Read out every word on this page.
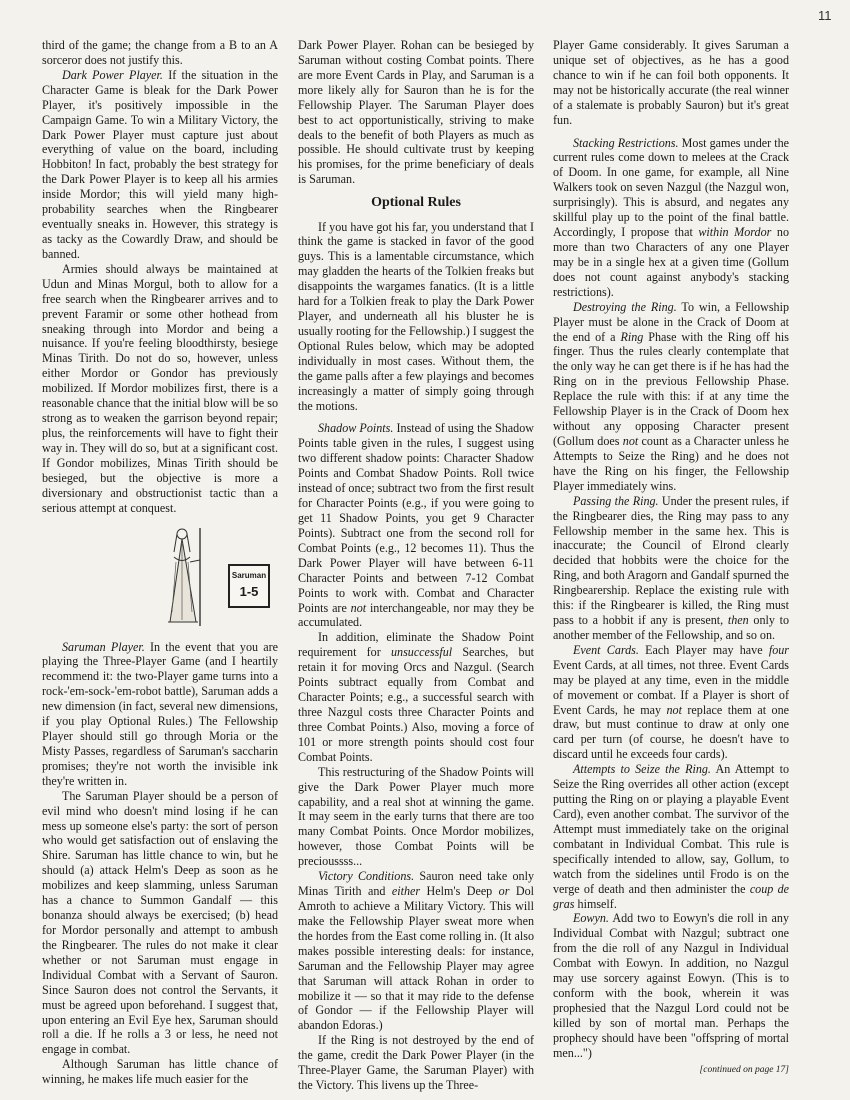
11

third of the game; the change from a B to an A sorceror does not justify this.

Dark Power Player. If the situation in the Character Game is bleak for the Dark Power Player, it's positively impossible in the Campaign Game. To win a Military Victory, the Dark Power Player must capture just about everything of value on the board, including Hobbiton! In fact, probably the best strategy for the Dark Power Player is to keep all his armies inside Mordor; this will yield many high-probability searches when the Ringbearer eventually sneaks in. However, this strategy is as tacky as the Cowardly Draw, and should be banned.

Armies should always be maintained at Udun and Minas Morgul, both to allow for a free search when the Ringbearer arrives and to prevent Faramir or some other hothead from sneaking through into Mordor and being a nuisance. If you're feeling bloodthirsty, besiege Minas Tirith. Do not do so, however, unless either Mordor or Gondor has previously mobilized. If Mordor mobilizes first, there is a reasonable chance that the initial blow will be so strong as to weaken the garrison beyond repair; plus, the reinforcements will have to fight their way in. They will do so, but at a significant cost. If Gondor mobilizes, Minas Tirith should be besieged, but the objective is more a diversionary and obstructionist tactic than a serious attempt at conquest.

Saruman
1-5

Saruman Player. In the event that you are playing the Three-Player Game (and I heartily recommend it: the two-Player game turns into a rock-'em-sock-'em-robot battle), Saruman adds a new dimension (in fact, several new dimensions, if you play Optional Rules.) The Fellowship Player should still go through Moria or the Misty Passes, regardless of Saruman's saccharin promises; they're not worth the invisible ink they're written in.

The Saruman Player should be a person of evil mind who doesn't mind losing if he can mess up someone else's party: the sort of person who would get satisfaction out of enslaving the Shire. Saruman has little chance to win, but he should (a) attack Helm's Deep as soon as he mobilizes and keep slamming, unless Saruman has a chance to Summon Gandalf — this bonanza should always be exercised; (b) head for Mordor personally and attempt to ambush the Ringbearer. The rules do not make it clear whether or not Saruman must engage in Individual Combat with a Servant of Sauron. Since Sauron does not control the Servants, it must be agreed upon beforehand. I suggest that, upon entering an Evil Eye hex, Saruman should roll a die. If he rolls a 3 or less, he need not engage in combat.

Although Saruman has little chance of winning, he makes life much easier for the

Dark Power Player. Rohan can be besieged by Saruman without costing Combat points. There are more Event Cards in Play, and Saruman is a more likely ally for Sauron than he is for the Fellowship Player. The Saruman Player does best to act opportunistically, striving to make deals to the benefit of both Players as much as possible. He should cultivate trust by keeping his promises, for the prime beneficiary of deals is Saruman.

Optional Rules

If you have got his far, you understand that I think the game is stacked in favor of the good guys. This is a lamentable circumstance, which may gladden the hearts of the Tolkien freaks but disappoints the wargames fanatics. (It is a little hard for a Tolkien freak to play the Dark Power Player, and underneath all his bluster he is usually rooting for the Fellowship.) I suggest the Optional Rules below, which may be adopted individually in most cases. Without them, the the game palls after a few playings and becomes increasingly a matter of simply going through the motions.

Shadow Points. Instead of using the Shadow Points table given in the rules, I suggest using two different shadow points: Character Shadow Points and Combat Shadow Points. Roll twice instead of once; subtract two from the first result for Character Points (e.g., if you were going to get 11 Shadow Points, you get 9 Character Points). Subtract one from the second roll for Combat Points (e.g., 12 becomes 11). Thus the Dark Power Player will have between 6-11 Character Points and between 7-12 Combat Points to work with. Combat and Character Points are not interchangeable, nor may they be accumulated.

In addition, eliminate the Shadow Point requirement for unsuccessful Searches, but retain it for moving Orcs and Nazgul. (Search Points subtract equally from Combat and Character Points; e.g., a successful search with three Nazgul costs three Character Points and three Combat Points.) Also, moving a force of 101 or more strength points should cost four Combat Points.

This restructuring of the Shadow Points will give the Dark Power Player much more capability, and a real shot at winning the game. It may seem in the early turns that there are too many Combat Points. Once Mordor mobilizes, however, those Combat Points will be precioussss...

Victory Conditions. Sauron need take only Minas Tirith and either Helm's Deep or Dol Amroth to achieve a Military Victory. This will make the Fellowship Player sweat more when the hordes from the East come rolling in. (It also makes possible interesting deals: for instance, Saruman and the Fellowship Player may agree that Saruman will attack Rohan in order to mobilize it — so that it may ride to the defense of Gondor — if the Fellowship Player will abandon Edoras.)

If the Ring is not destroyed by the end of the game, credit the Dark Power Player (in the Three-Player Game, the Saruman Player) with the Victory. This livens up the Three-

Player Game considerably. It gives Saruman a unique set of objectives, as he has a good chance to win if he can foil both opponents. It may not be historically accurate (the real winner of a stalemate is probably Sauron) but it's great fun.

Stacking Restrictions. Most games under the current rules come down to melees at the Crack of Doom. In one game, for example, all Nine Walkers took on seven Nazgul (the Nazgul won, surprisingly). This is absurd, and negates any skillful play up to the point of the final battle. Accordingly, I propose that within Mordor no more than two Characters of any one Player may be in a single hex at a given time (Gollum does not count against anybody's stacking restrictions).

Destroying the Ring. To win, a Fellowship Player must be alone in the Crack of Doom at the end of a Ring Phase with the Ring off his finger. Thus the rules clearly contemplate that the only way he can get there is if he has had the Ring on in the previous Fellowship Phase. Replace the rule with this: if at any time the Fellowship Player is in the Crack of Doom hex without any opposing Character present (Gollum does not count as a Character unless he Attempts to Seize the Ring) and he does not have the Ring on his finger, the Fellowship Player immediately wins.

Passing the Ring. Under the present rules, if the Ringbearer dies, the Ring may pass to any Fellowship member in the same hex. This is inaccurate; the Council of Elrond clearly decided that hobbits were the choice for the Ring, and both Aragorn and Gandalf spurned the Ringbearership. Replace the existing rule with this: if the Ringbearer is killed, the Ring must pass to a hobbit if any is present, then only to another member of the Fellowship, and so on.

Event Cards. Each Player may have four Event Cards, at all times, not three. Event Cards may be played at any time, even in the middle of movement or combat. If a Player is short of Event Cards, he may not replace them at one draw, but must continue to draw at only one card per turn (of course, he doesn't have to discard until he exceeds four cards).

Attempts to Seize the Ring. An Attempt to Seize the Ring overrides all other action (except putting the Ring on or playing a playable Event Card), even another combat. The survivor of the Attempt must immediately take on the original combatant in Individual Combat. This rule is specifically intended to allow, say, Gollum, to watch from the sidelines until Frodo is on the verge of death and then administer the coup de gras himself.

Eowyn. Add two to Eowyn's die roll in any Individual Combat with Nazgul; subtract one from the die roll of any Nazgul in Individual Combat with Eowyn. In addition, no Nazgul may use sorcery against Eowyn. (This is to conform with the book, wherein it was prophesied that the Nazgul Lord could not be killed by son of mortal man. Perhaps the prophecy should have been "offspring of mortal men...")

[continued on page 17]
